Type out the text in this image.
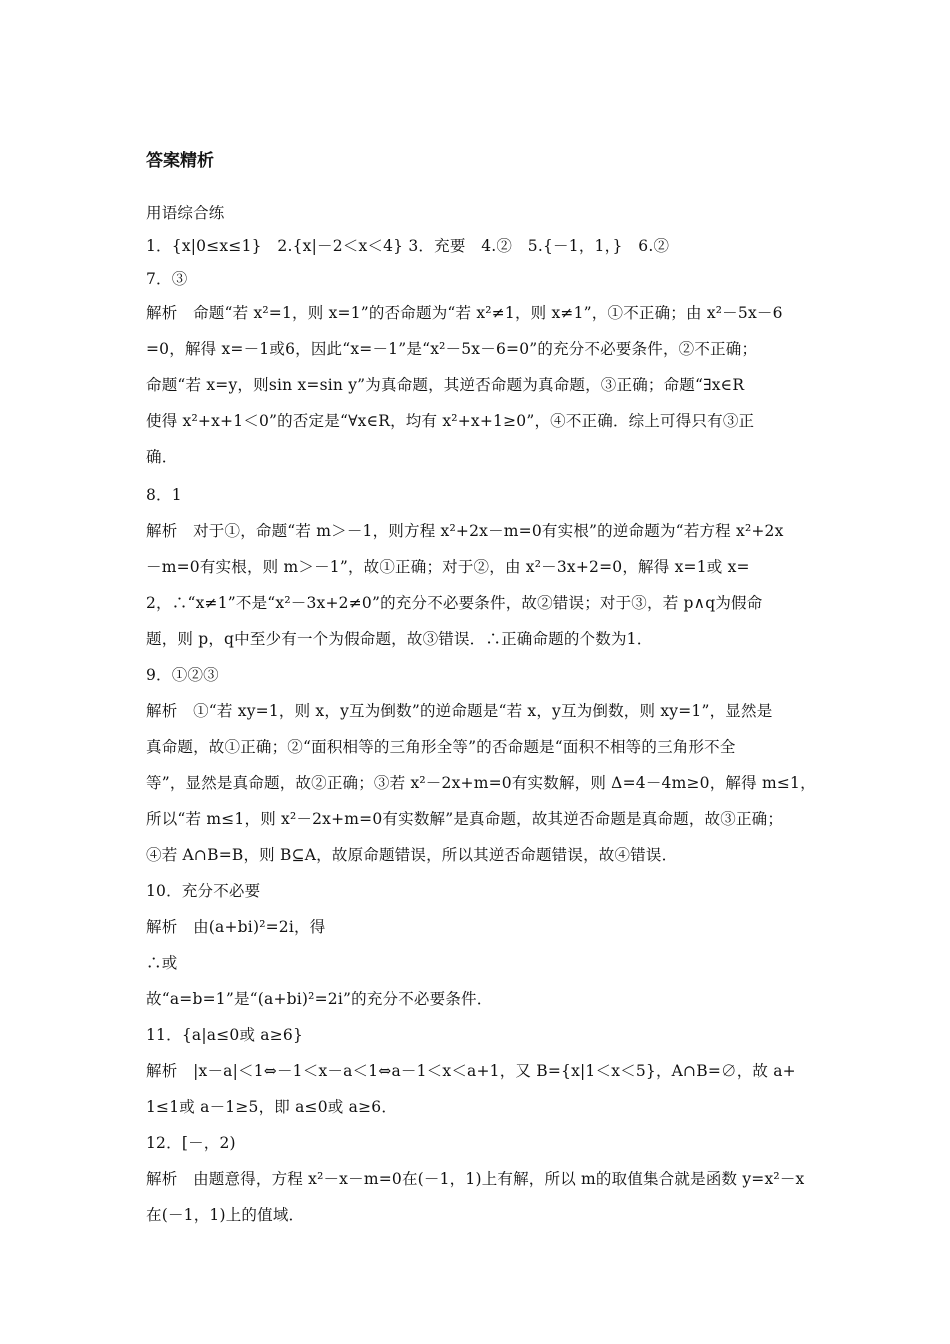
答案精析
用语综合练
1．{x|0≤x≤1}　2.{x|－2＜x＜4} 3．充要　4.②　5.{－1，1，}　6.②
7．③
解析　命题“若 x²=1，则 x=1”的否命题为“若 x²≠1，则 x≠1”，①不正确；由 x²－5x－6
=0，解得 x=－1或6，因此“x=－1”是“x²－5x－6=0”的充分不必要条件，②不正确；
命题“若 x=y，则sin x=sin y”为真命题，其逆否命题为真命题，③正确；命题“∃x∈R
使得 x²+x+1＜0”的否定是“∀x∈R，均有 x²+x+1≥0”，④不正确．综上可得只有③正
确．
8．1
解析　对于①，命题“若 m＞－1，则方程 x²+2x－m=0有实根”的逆命题为“若方程 x²+2x
－m=0有实根，则 m＞－1”，故①正确；对于②，由 x²－3x+2=0，解得 x=1或 x=
2，∴“x≠1”不是“x²－3x+2≠0”的充分不必要条件，故②错误；对于③，若 p∧q为假命
题，则 p，q中至少有一个为假命题，故③错误．∴正确命题的个数为1．
9．①②③
解析　①“若 xy=1，则 x，y互为倒数”的逆命题是“若 x，y互为倒数，则 xy=1”，显然是
真命题，故①正确；②“面积相等的三角形全等”的否命题是“面积不相等的三角形不全
等”，显然是真命题，故②正确；③若 x²－2x+m=0有实数解，则 Δ=4－4m≥0，解得 m≤1，
所以“若 m≤1，则 x²－2x+m=0有实数解”是真命题，故其逆否命题是真命题，故③正确；
④若 A∩B=B，则 B⊆A，故原命题错误，所以其逆否命题错误，故④错误．
10．充分不必要
解析　由(a+bi)²=2i，得
∴或
故“a=b=1”是“(a+bi)²=2i”的充分不必要条件．
11．{a|a≤0或 a≥6}
解析　|x－a|＜1⇔－1＜x－a＜1⇔a－1＜x＜a+1，又 B={x|1＜x＜5}，A∩B=∅，故 a+
1≤1或 a－1≥5，即 a≤0或 a≥6．
12．[－，2)
解析　由题意得，方程 x²－x－m=0在(－1，1)上有解，所以 m的取值集合就是函数 y=x²－x
在(－1，1)上的值域．
